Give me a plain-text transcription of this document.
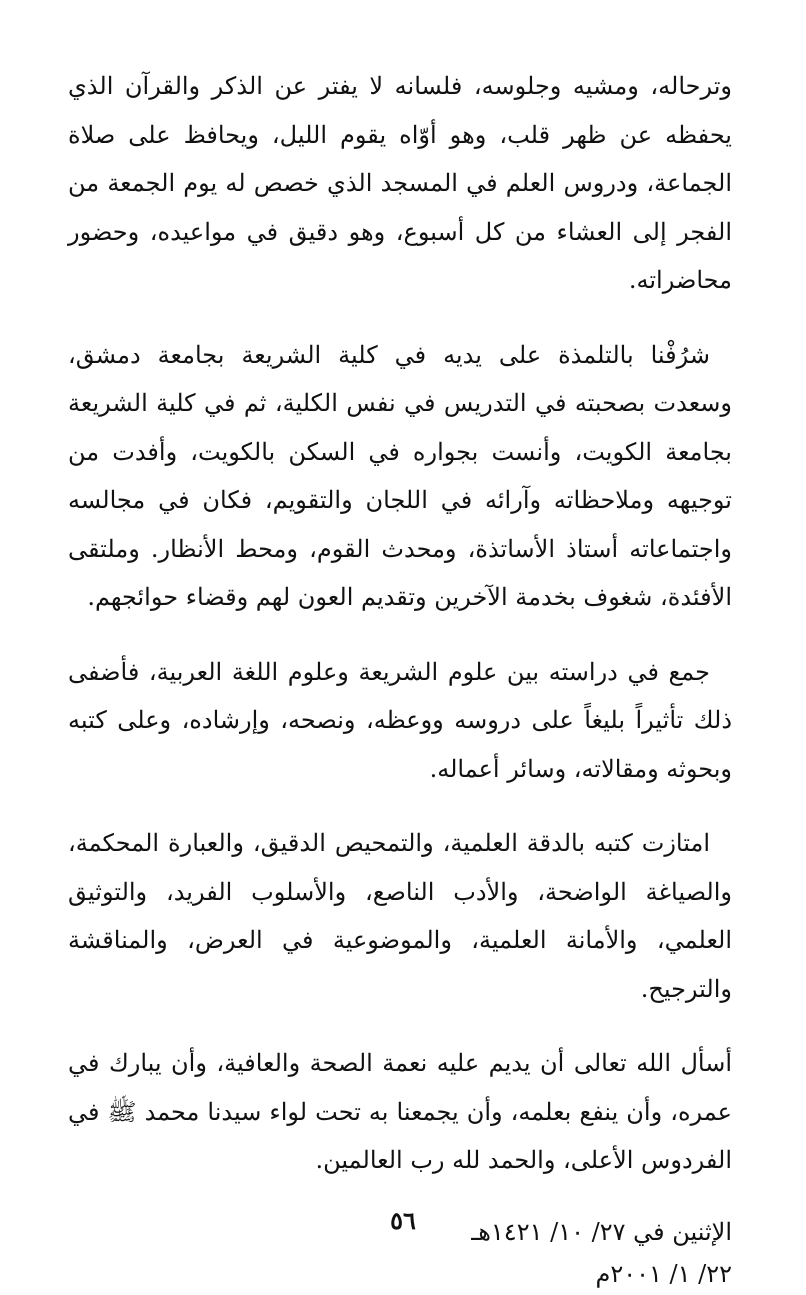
وترحاله، ومشيه وجلوسه، فلسانه لا يفتر عن الذكر والقرآن الذي يحفظه عن ظهر قلب، وهو أوّاه يقوم الليل، ويحافظ على صلاة الجماعة، ودروس العلم في المسجد الذي خصص له يوم الجمعة من الفجر إلى العشاء من كل أسبوع، وهو دقيق في مواعيده، وحضور محاضراته.

شرُفْنا بالتلمذة على يديه في كلية الشريعة بجامعة دمشق، وسعدت بصحبته في التدريس في نفس الكلية، ثم في كلية الشريعة بجامعة الكويت، وأنست بجواره في السكن بالكويت، وأفدت من توجيهه وملاحظاته وآرائه في اللجان والتقويم، فكان في مجالسه واجتماعاته أستاذ الأساتذة، ومحدث القوم، ومحط الأنظار. وملتقى الأفئدة، شغوف بخدمة الآخرين وتقديم العون لهم وقضاء حوائجهم.

جمع في دراسته بين علوم الشريعة وعلوم اللغة العربية، فأضفى ذلك تأثيراً بليغاً على دروسه ووعظه، ونصحه، وإرشاده، وعلى كتبه وبحوثه ومقالاته، وسائر أعماله.

امتازت كتبه بالدقة العلمية، والتمحيص الدقيق، والعبارة المحكمة، والصياغة الواضحة، والأدب الناصع، والأسلوب الفريد، والتوثيق العلمي، والأمانة العلمية، والموضوعية في العرض، والمناقشة والترجيح.

أسأل الله تعالى أن يديم عليه نعمة الصحة والعافية، وأن يبارك في عمره، وأن ينفع بعلمه، وأن يجمعنا به تحت لواء سيدنا محمد ﷺ في الفردوس الأعلى، والحمد لله رب العالمين.

الإثنين في ٢٧/ ١٠/ ١٤٢١هـ

٢٢/ ١/ ٢٠٠١م

٥٦
